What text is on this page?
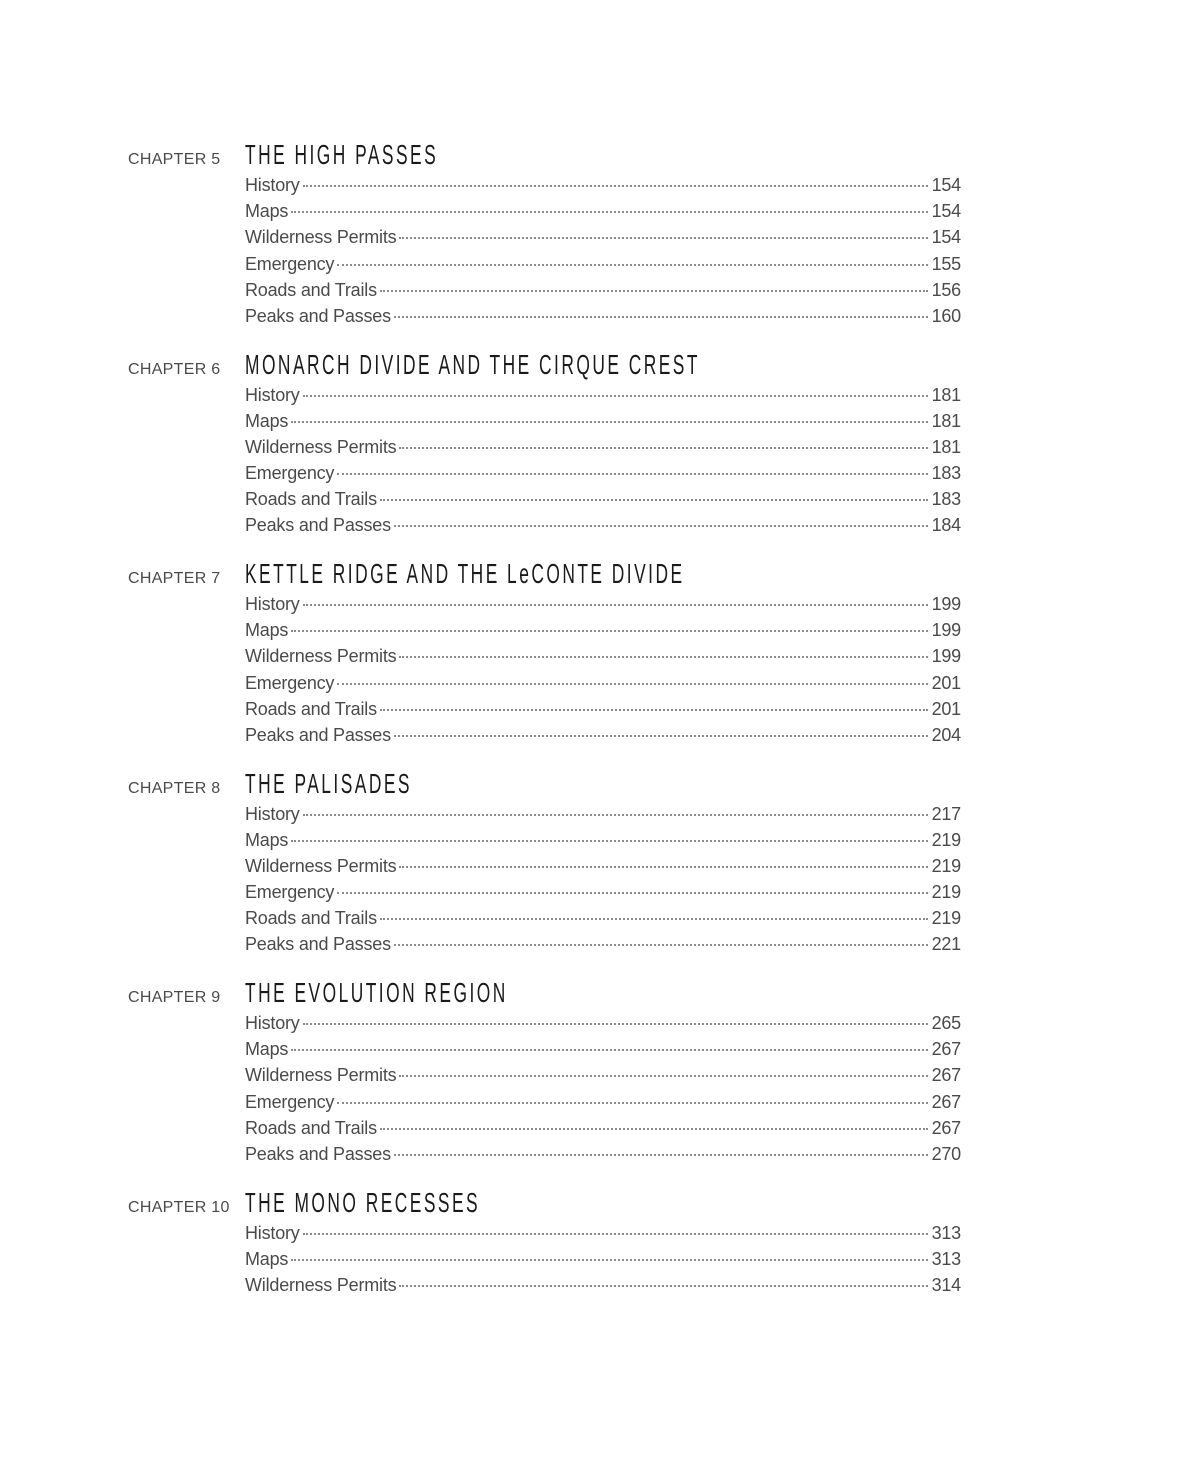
CHAPTER 5 THE HIGH PASSES
History	154
Maps	154
Wilderness Permits	154
Emergency	155
Roads and Trails	156
Peaks and Passes	160
CHAPTER 6 MONARCH DIVIDE AND THE CIRQUE CREST
History	181
Maps	181
Wilderness Permits	181
Emergency	183
Roads and Trails	183
Peaks and Passes	184
CHAPTER 7 KETTLE RIDGE AND THE LeCONTE DIVIDE
History	199
Maps	199
Wilderness Permits	199
Emergency	201
Roads and Trails	201
Peaks and Passes	204
CHAPTER 8 THE PALISADES
History	217
Maps	219
Wilderness Permits	219
Emergency	219
Roads and Trails	219
Peaks and Passes	221
CHAPTER 9 THE EVOLUTION REGION
History	265
Maps	267
Wilderness Permits	267
Emergency	267
Roads and Trails	267
Peaks and Passes	270
CHAPTER 10 THE MONO RECESSES
History	313
Maps	313
Wilderness Permits	314
